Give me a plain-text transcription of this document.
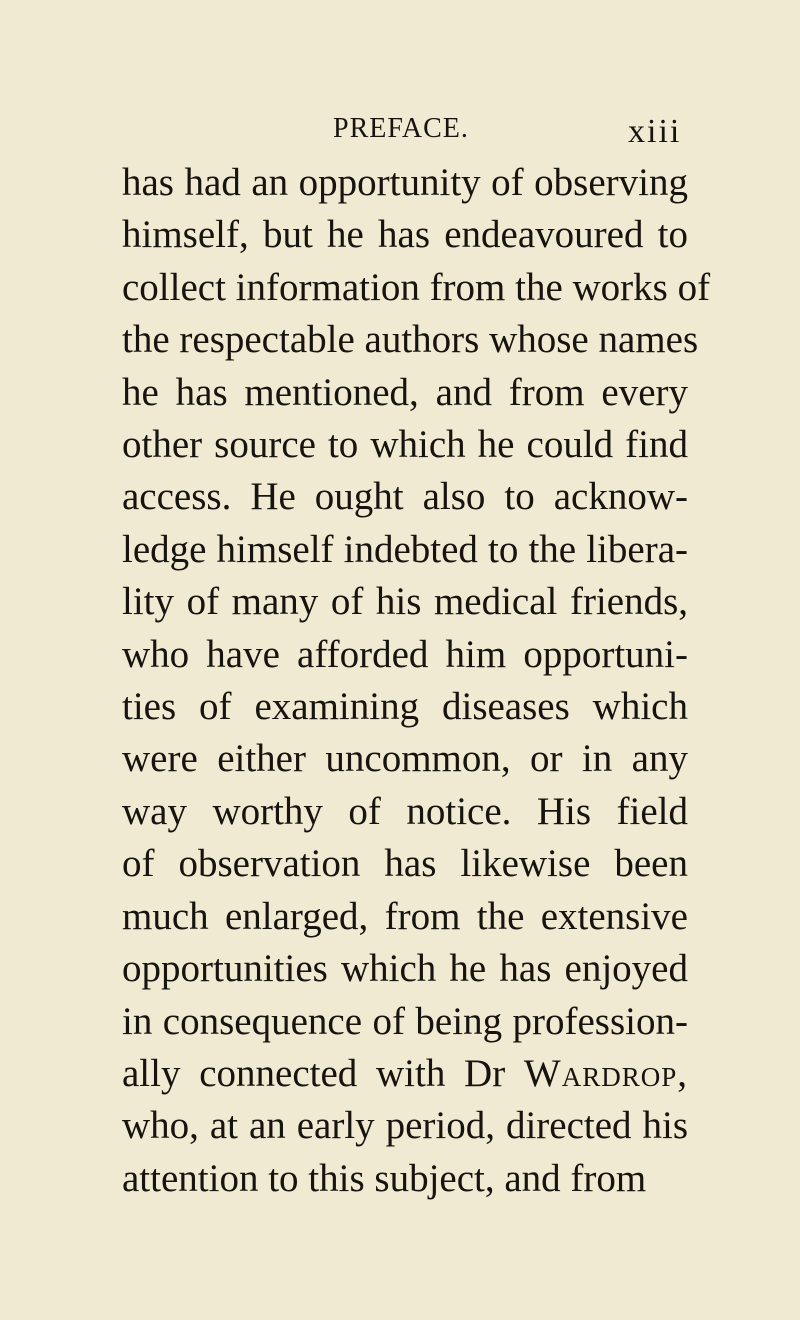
PREFACE.	xiii
has had an opportunity of observing
himself, but he has endeavoured to
collect information from the works of
the respectable authors whose names
he has mentioned, and from every
other source to which he could find
access. He ought also to acknow-
ledge himself indebted to the libera-
lity of many of his medical friends,
who have afforded him opportuni-
ties of examining diseases which
were either uncommon, or in any
way worthy of notice. His field
of observation has likewise been
much enlarged, from the extensive
opportunities which he has enjoyed
in consequence of being profession-
ally connected with Dr Wardrop,
who, at an early period, directed his
attention to this subject, and from
